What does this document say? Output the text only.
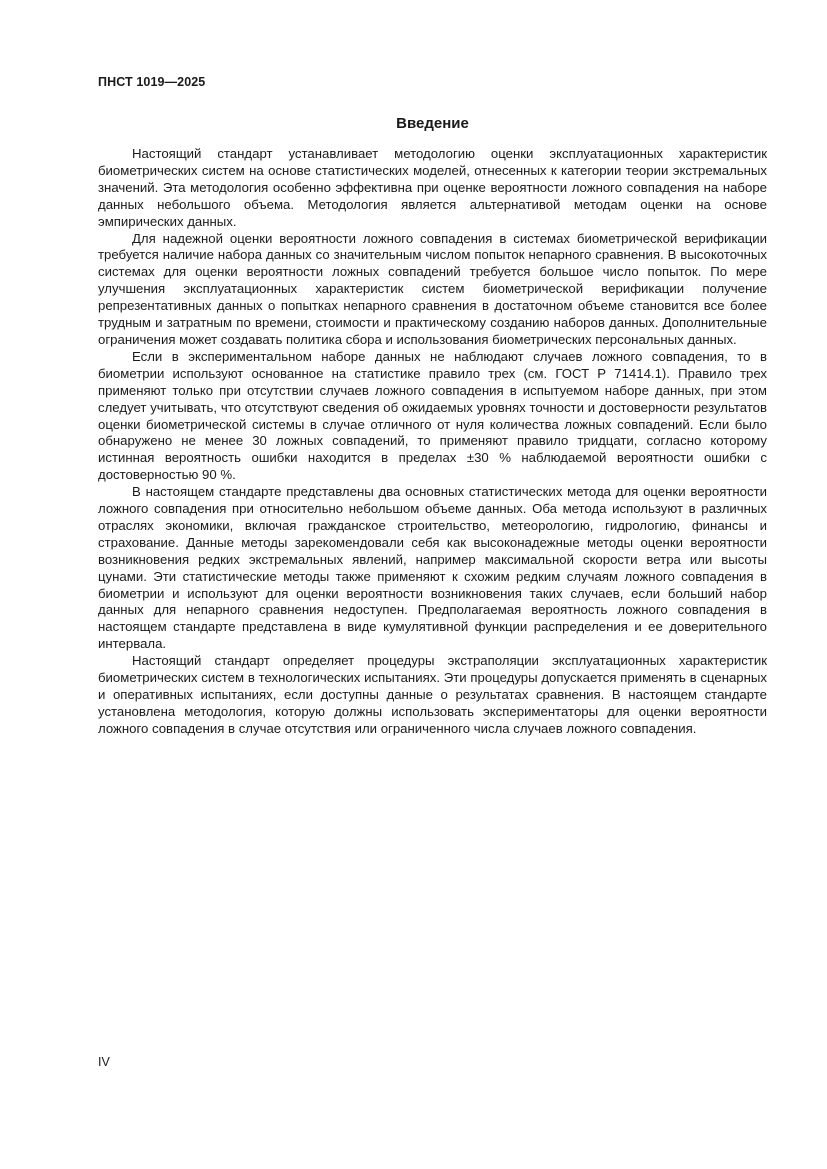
ПНСТ 1019—2025
Введение

Настоящий стандарт устанавливает методологию оценки эксплуатационных характеристик биометрических систем на основе статистических моделей, отнесенных к категории теории экстремальных значений. Эта методология особенно эффективна при оценке вероятности ложного совпадения на наборе данных небольшого объема. Методология является альтернативой методам оценки на основе эмпирических данных.

Для надежной оценки вероятности ложного совпадения в системах биометрической верификации требуется наличие набора данных со значительным числом попыток непарного сравнения. В высокоточных системах для оценки вероятности ложных совпадений требуется большое число попыток. По мере улучшения эксплуатационных характеристик систем биометрической верификации получение репрезентативных данных о попытках непарного сравнения в достаточном объеме становится все более трудным и затратным по времени, стоимости и практическому созданию наборов данных. Дополнительные ограничения может создавать политика сбора и использования биометрических персональных данных.

Если в экспериментальном наборе данных не наблюдают случаев ложного совпадения, то в биометрии используют основанное на статистике правило трех (см. ГОСТ Р 71414.1). Правило трех применяют только при отсутствии случаев ложного совпадения в испытуемом наборе данных, при этом следует учитывать, что отсутствуют сведения об ожидаемых уровнях точности и достоверности результатов оценки биометрической системы в случае отличного от нуля количества ложных совпадений. Если было обнаружено не менее 30 ложных совпадений, то применяют правило тридцати, согласно которому истинная вероятность ошибки находится в пределах ±30 % наблюдаемой вероятности ошибки с достоверностью 90 %.

В настоящем стандарте представлены два основных статистических метода для оценки вероятности ложного совпадения при относительно небольшом объеме данных. Оба метода используют в различных отраслях экономики, включая гражданское строительство, метеорологию, гидрологию, финансы и страхование. Данные методы зарекомендовали себя как высоконадежные методы оценки вероятности возникновения редких экстремальных явлений, например максимальной скорости ветра или высоты цунами. Эти статистические методы также применяют к схожим редким случаям ложного совпадения в биометрии и используют для оценки вероятности возникновения таких случаев, если больший набор данных для непарного сравнения недоступен. Предполагаемая вероятность ложного совпадения в настоящем стандарте представлена в виде кумулятивной функции распределения и ее доверительного интервала.

Настоящий стандарт определяет процедуры экстраполяции эксплуатационных характеристик биометрических систем в технологических испытаниях. Эти процедуры допускается применять в сценарных и оперативных испытаниях, если доступны данные о результатах сравнения. В настоящем стандарте установлена методология, которую должны использовать экспериментаторы для оценки вероятности ложного совпадения в случае отсутствия или ограниченного числа случаев ложного совпадения.

IV
